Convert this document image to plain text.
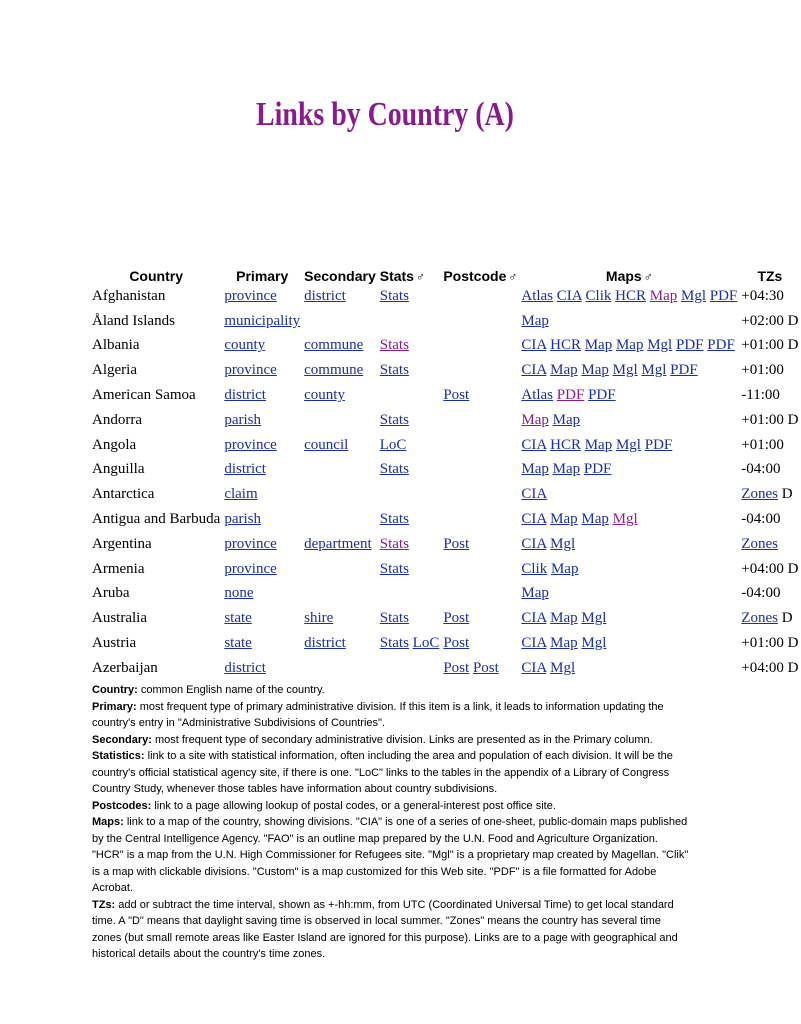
Links by Country (A)
Country	Primary	Secondary	Stats ♂	Postcode ♂	Maps ♂	TZs
Afghanistan	province	district	Stats		Atlas CIA Clik HCR Map Mgl PDF	+04:30
Åland Islands	municipality				Map	+02:00 D
Albania	county	commune	Stats		CIA HCR Map Map Mgl PDF PDF	+01:00 D
Algeria	province	commune	Stats		CIA Map Map Mgl Mgl PDF	+01:00
American Samoa	district	county		Post	Atlas PDF PDF	-11:00
Andorra	parish		Stats		Map Map	+01:00 D
Angola	province	council	LoC		CIA HCR Map Mgl PDF	+01:00
Anguilla	district		Stats		Map Map PDF	-04:00
Antarctica	claim				CIA	Zones D
Antigua and Barbuda	parish		Stats		CIA Map Map Mgl	-04:00
Argentina	province	department	Stats	Post	CIA Mgl	Zones
Armenia	province		Stats		Clik Map	+04:00 D
Aruba	none				Map	-04:00
Australia	state	shire	Stats	Post	CIA Map Mgl	Zones D
Austria	state	district	Stats LoC	Post	CIA Map Mgl	+01:00 D
Azerbaijan	district			Post Post	CIA Mgl	+04:00 D

Country: common English name of the country.

Primary: most frequent type of primary administrative division. If this item is a link, it leads to information updating the country's entry in "Administrative Subdivisions of Countries".

Secondary: most frequent type of secondary administrative division. Links are presented as in the Primary column.

Statistics: link to a site with statistical information, often including the area and population of each division. It will be the country's official statistical agency site, if there is one. "LoC" links to the tables in the appendix of a Library of Congress Country Study, whenever those tables have information about country subdivisions.

Postcodes: link to a page allowing lookup of postal codes, or a general-interest post office site.

Maps: link to a map of the country, showing divisions. "CIA" is one of a series of one-sheet, public-domain maps published by the Central Intelligence Agency. "FAO" is an outline map prepared by the U.N. Food and Agriculture Organization. "HCR" is a map from the U.N. High Commissioner for Refugees site. "Mgl" is a proprietary map created by Magellan. "Clik" is a map with clickable divisions. "Custom" is a map customized for this Web site. "PDF" is a file formatted for Adobe Acrobat.

TZs: add or subtract the time interval, shown as +-hh:mm, from UTC (Coordinated Universal Time) to get local standard time. A "D" means that daylight saving time is observed in local summer. "Zones" means the country has several time zones (but small remote areas like Easter Island are ignored for this purpose). Links are to a page with geographical and historical details about the country's time zones.
